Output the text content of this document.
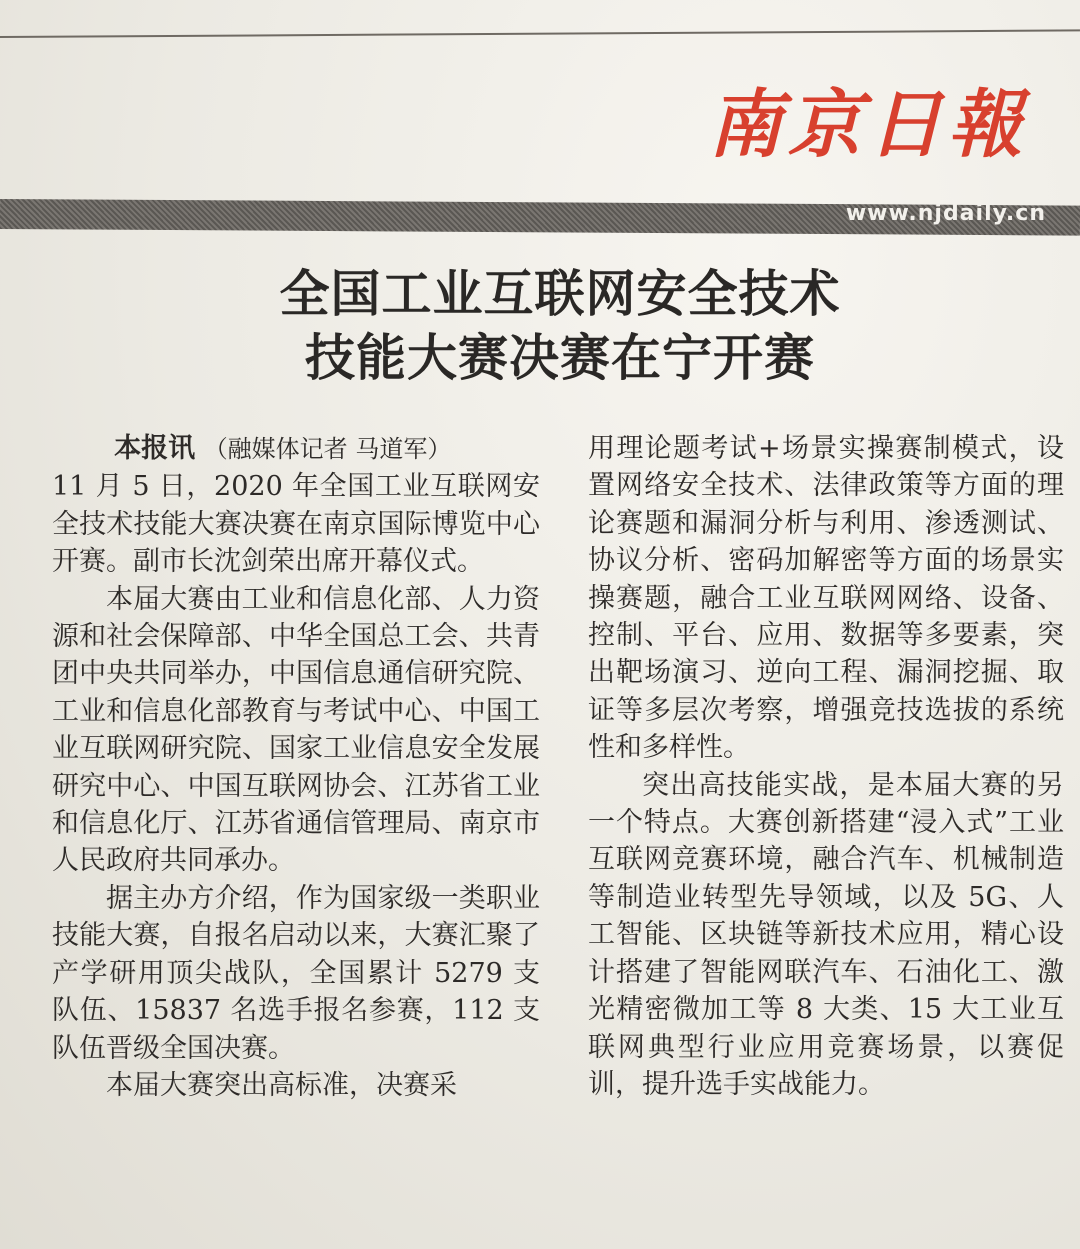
南京日報
www.njdaily.cn
全国工业互联网安全技术
技能大赛决赛在宁开赛

本报讯 （融媒体记者 马道军）

11 月 5 日，2020 年全国工业互联网安全技术技能大赛决赛在南京国际博览中心开赛。副市长沈剑荣出席开幕仪式。

本届大赛由工业和信息化部、人力资源和社会保障部、中华全国总工会、共青团中央共同举办，中国信息通信研究院、工业和信息化部教育与考试中心、中国工业互联网研究院、国家工业信息安全发展研究中心、中国互联网协会、江苏省工业和信息化厅、江苏省通信管理局、南京市人民政府共同承办。

据主办方介绍，作为国家级一类职业技能大赛，自报名启动以来，大赛汇聚了产学研用顶尖战队，全国累计 5279 支队伍、15837 名选手报名参赛，112 支队伍晋级全国决赛。

本届大赛突出高标准，决赛采

用理论题考试+场景实操赛制模式，设置网络安全技术、法律政策等方面的理论赛题和漏洞分析与利用、渗透测试、协议分析、密码加解密等方面的场景实操赛题，融合工业互联网网络、设备、控制、平台、应用、数据等多要素，突出靶场演习、逆向工程、漏洞挖掘、取证等多层次考察，增强竞技选拔的系统性和多样性。

突出高技能实战，是本届大赛的另一个特点。大赛创新搭建“浸入式”工业互联网竞赛环境，融合汽车、机械制造等制造业转型先导领域，以及 5G、人工智能、区块链等新技术应用，精心设计搭建了智能网联汽车、石油化工、激光精密微加工等 8 大类、15 大工业互联网典型行业应用竞赛场景，以赛促训，提升选手实战能力。
